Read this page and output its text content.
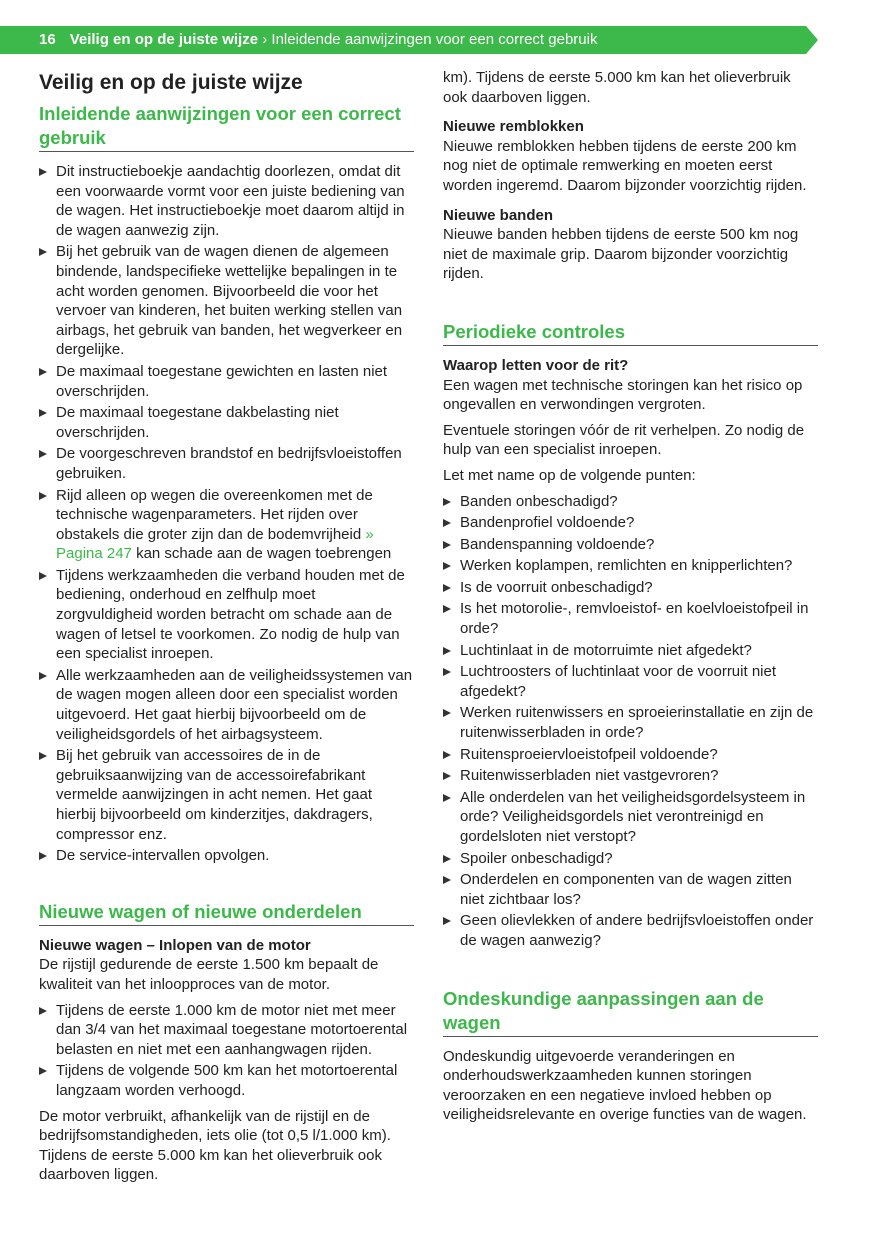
16 Veilig en op de juiste wijze › Inleidende aanwijzingen voor een correct gebruik
Veilig en op de juiste wijze
Inleidende aanwijzingen voor een correct gebruik
Dit instructieboekje aandachtig doorlezen, omdat dit een voorwaarde vormt voor een juiste bediening van de wagen. Het instructieboekje moet daarom altijd in de wagen aanwezig zijn.
Bij het gebruik van de wagen dienen de algemeen bindende, landspecifieke wettelijke bepalingen in te acht worden genomen. Bijvoorbeeld die voor het vervoer van kinderen, het buiten werking stellen van airbags, het gebruik van banden, het wegverkeer en dergelijke.
De maximaal toegestane gewichten en lasten niet overschrijden.
De maximaal toegestane dakbelasting niet overschrijden.
De voorgeschreven brandstof en bedrijfsvloeistoffen gebruiken.
Rijd alleen op wegen die overeenkomen met de technische wagenparameters. Het rijden over obstakels die groter zijn dan de bodemvrijheid » Pagina 247 kan schade aan de wagen toebrengen
Tijdens werkzaamheden die verband houden met de bediening, onderhoud en zelfhulp moet zorgvuldigheid worden betracht om schade aan de wagen of letsel te voorkomen. Zo nodig de hulp van een specialist inroepen.
Alle werkzaamheden aan de veiligheidssystemen van de wagen mogen alleen door een specialist worden uitgevoerd. Het gaat hierbij bijvoorbeeld om de veiligheidsgordels of het airbagsysteem.
Bij het gebruik van accessoires de in de gebruiksaanwijzing van de accessoirefabrikant vermelde aanwijzingen in acht nemen. Het gaat hierbij bijvoorbeeld om kinderzitjes, dakdragers, compressor enz.
De service-intervallen opvolgen.
Nieuwe wagen of nieuwe onderdelen

Nieuwe wagen – Inlopen van de motor

De rijstijl gedurende de eerste 1.500 km bepaalt de kwaliteit van het inloopproces van de motor.

Tijdens de eerste 1.000 km de motor niet met meer dan 3/4 van het maximaal toegestane motortoerental belasten en niet met een aanhangwagen rijden.
Tijdens de volgende 500 km kan het motortoerental langzaam worden verhoogd.

De motor verbruikt, afhankelijk van de rijstijl en de bedrijfsomstandigheden, iets olie (tot 0,5 l/1.000 km). Tijdens de eerste 5.000 km kan het olieverbruik ook daarboven liggen.

km). Tijdens de eerste 5.000 km kan het olieverbruik ook daarboven liggen.

Nieuwe remblokken

Nieuwe remblokken hebben tijdens de eerste 200 km nog niet de optimale remwerking en moeten eerst worden ingeremd. Daarom bijzonder voorzichtig rijden.

Nieuwe banden

Nieuwe banden hebben tijdens de eerste 500 km nog niet de maximale grip. Daarom bijzonder voorzichtig rijden.

Periodieke controles

Waarop letten voor de rit?

Een wagen met technische storingen kan het risico op ongevallen en verwondingen vergroten.

Eventuele storingen vóór de rit verhelpen. Zo nodig de hulp van een specialist inroepen.

Let met name op de volgende punten:

Banden onbeschadigd?
Bandenprofiel voldoende?
Bandenspanning voldoende?
Werken koplampen, remlichten en knipperlichten?
Is de voorruit onbeschadigd?
Is het motorolie-, remvloeistof- en koelvloeistofpeil in orde?
Luchtinlaat in de motorruimte niet afgedekt?
Luchtroosters of luchtinlaat voor de voorruit niet afgedekt?
Werken ruitenwissers en sproeierinstallatie en zijn de ruitenwisserbladen in orde?
Ruitensproeiervloeistofpeil voldoende?
Ruitenwisserbladen niet vastgevroren?
Alle onderdelen van het veiligheidsgordelsysteem in orde? Veiligheidsgordels niet verontreinigd en gordelsloten niet verstopt?
Spoiler onbeschadigd?
Onderdelen en componenten van de wagen zitten niet zichtbaar los?
Geen olievlekken of andere bedrijfsvloeistoffen onder de wagen aanwezig?
Ondeskundige aanpassingen aan de wagen

Ondeskundig uitgevoerde veranderingen en onderhoudswerkzaamheden kunnen storingen veroorzaken en een negatieve invloed hebben op veiligheidsrelevante en overige functies van de wagen.
